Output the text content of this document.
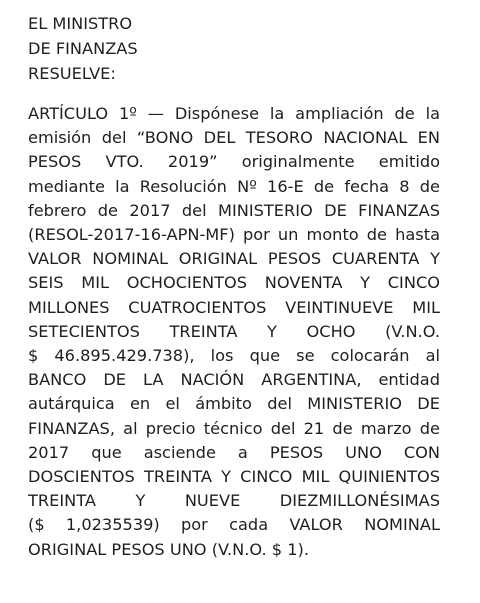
EL MINISTRO
DE FINANZAS
RESUELVE:
ARTÍCULO 1º — Dispónese la ampliación de la
emisión del “BONO DEL TESORO NACIONAL EN
PESOS VTO. 2019” originalmente emitido
mediante la Resolución Nº 16-E de fecha 8 de
febrero de 2017 del MINISTERIO DE FINANZAS
(RESOL-2017-16-APN-MF) por un monto de hasta
VALOR NOMINAL ORIGINAL PESOS CUARENTA Y
SEIS MIL OCHOCIENTOS NOVENTA Y CINCO
MILLONES CUATROCIENTOS VEINTINUEVE MIL
SETECIENTOS TREINTA Y OCHO (V.N.O.
$ 46.895.429.738), los que se colocarán al
BANCO DE LA NACIÓN ARGENTINA, entidad
autárquica en el ámbito del MINISTERIO DE
FINANZAS, al precio técnico del 21 de marzo de
2017 que asciende a PESOS UNO CON
DOSCIENTOS TREINTA Y CINCO MIL QUINIENTOS
TREINTA Y NUEVE DIEZMILLONÉSIMAS
($ 1,0235539) por cada VALOR NOMINAL
ORIGINAL PESOS UNO (V.N.O. $ 1).
